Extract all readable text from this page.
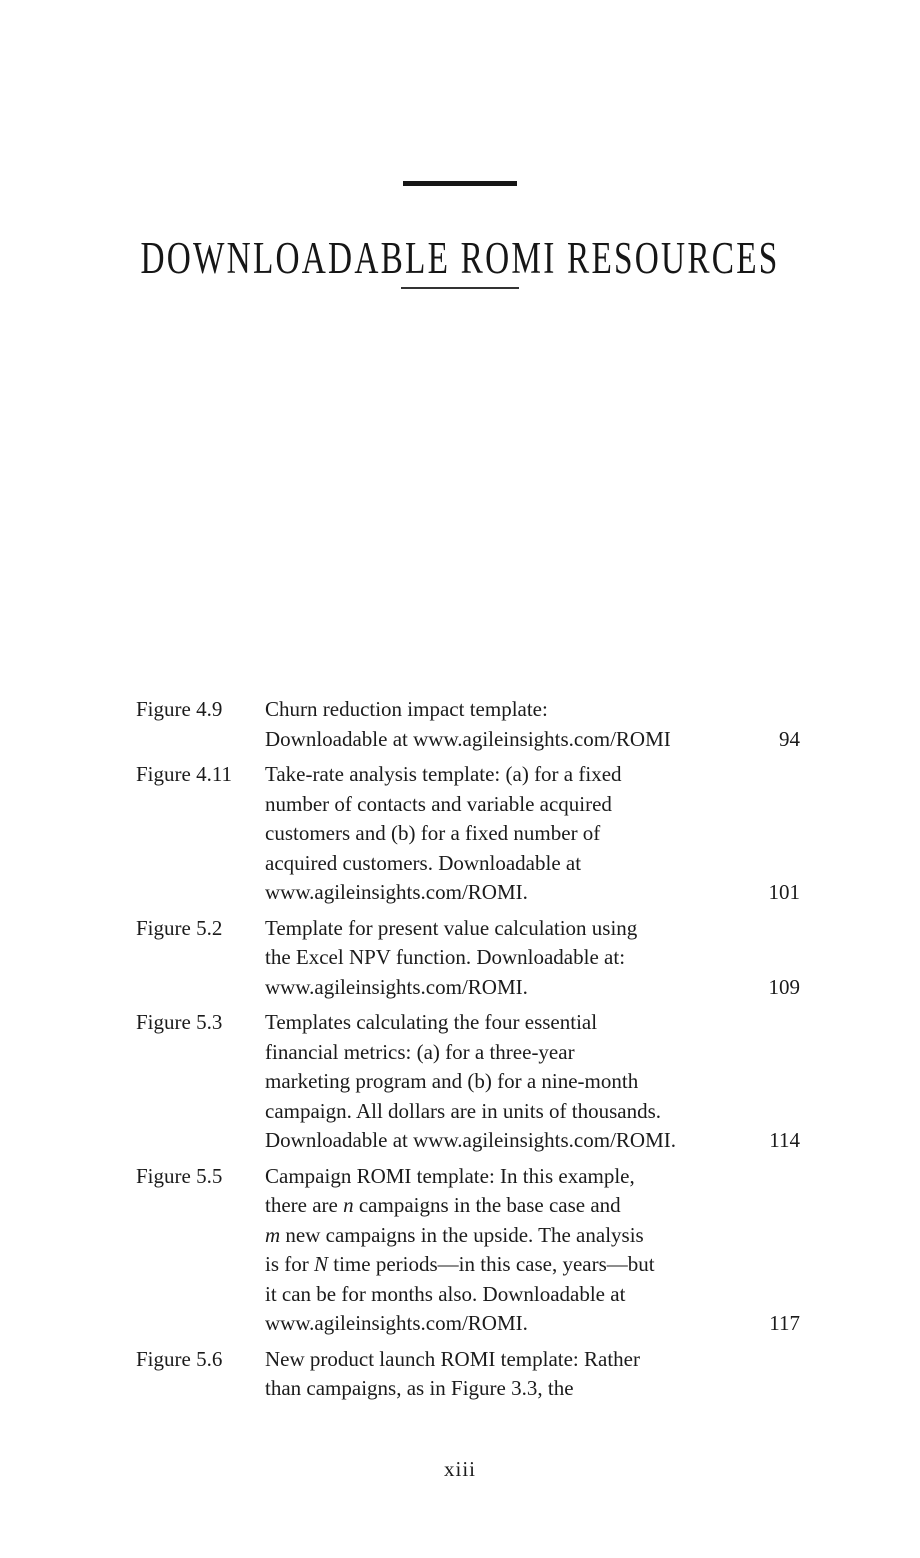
DOWNLOADABLE ROMI RESOURCES
Figure 4.9	Churn reduction impact template:
Downloadable at www.agileinsights.com/ROMI	94
Figure 4.11	Take-rate analysis template: (a) for a fixed
number of contacts and variable acquired
customers and (b) for a fixed number of
acquired customers. Downloadable at
www.agileinsights.com/ROMI.	101
Figure 5.2	Template for present value calculation using
the Excel NPV function. Downloadable at:
www.agileinsights.com/ROMI.	109
Figure 5.3	Templates calculating the four essential
financial metrics: (a) for a three-year
marketing program and (b) for a nine-month
campaign. All dollars are in units of thousands.
Downloadable at www.agileinsights.com/ROMI.	114
Figure 5.5	Campaign ROMI template: In this example,
there are n campaigns in the base case and
m new campaigns in the upside. The analysis
is for N time periods—in this case, years—but
it can be for months also. Downloadable at
www.agileinsights.com/ROMI.	117
Figure 5.6	New product launch ROMI template: Rather
than campaigns, as in Figure 3.3, the
xiii
